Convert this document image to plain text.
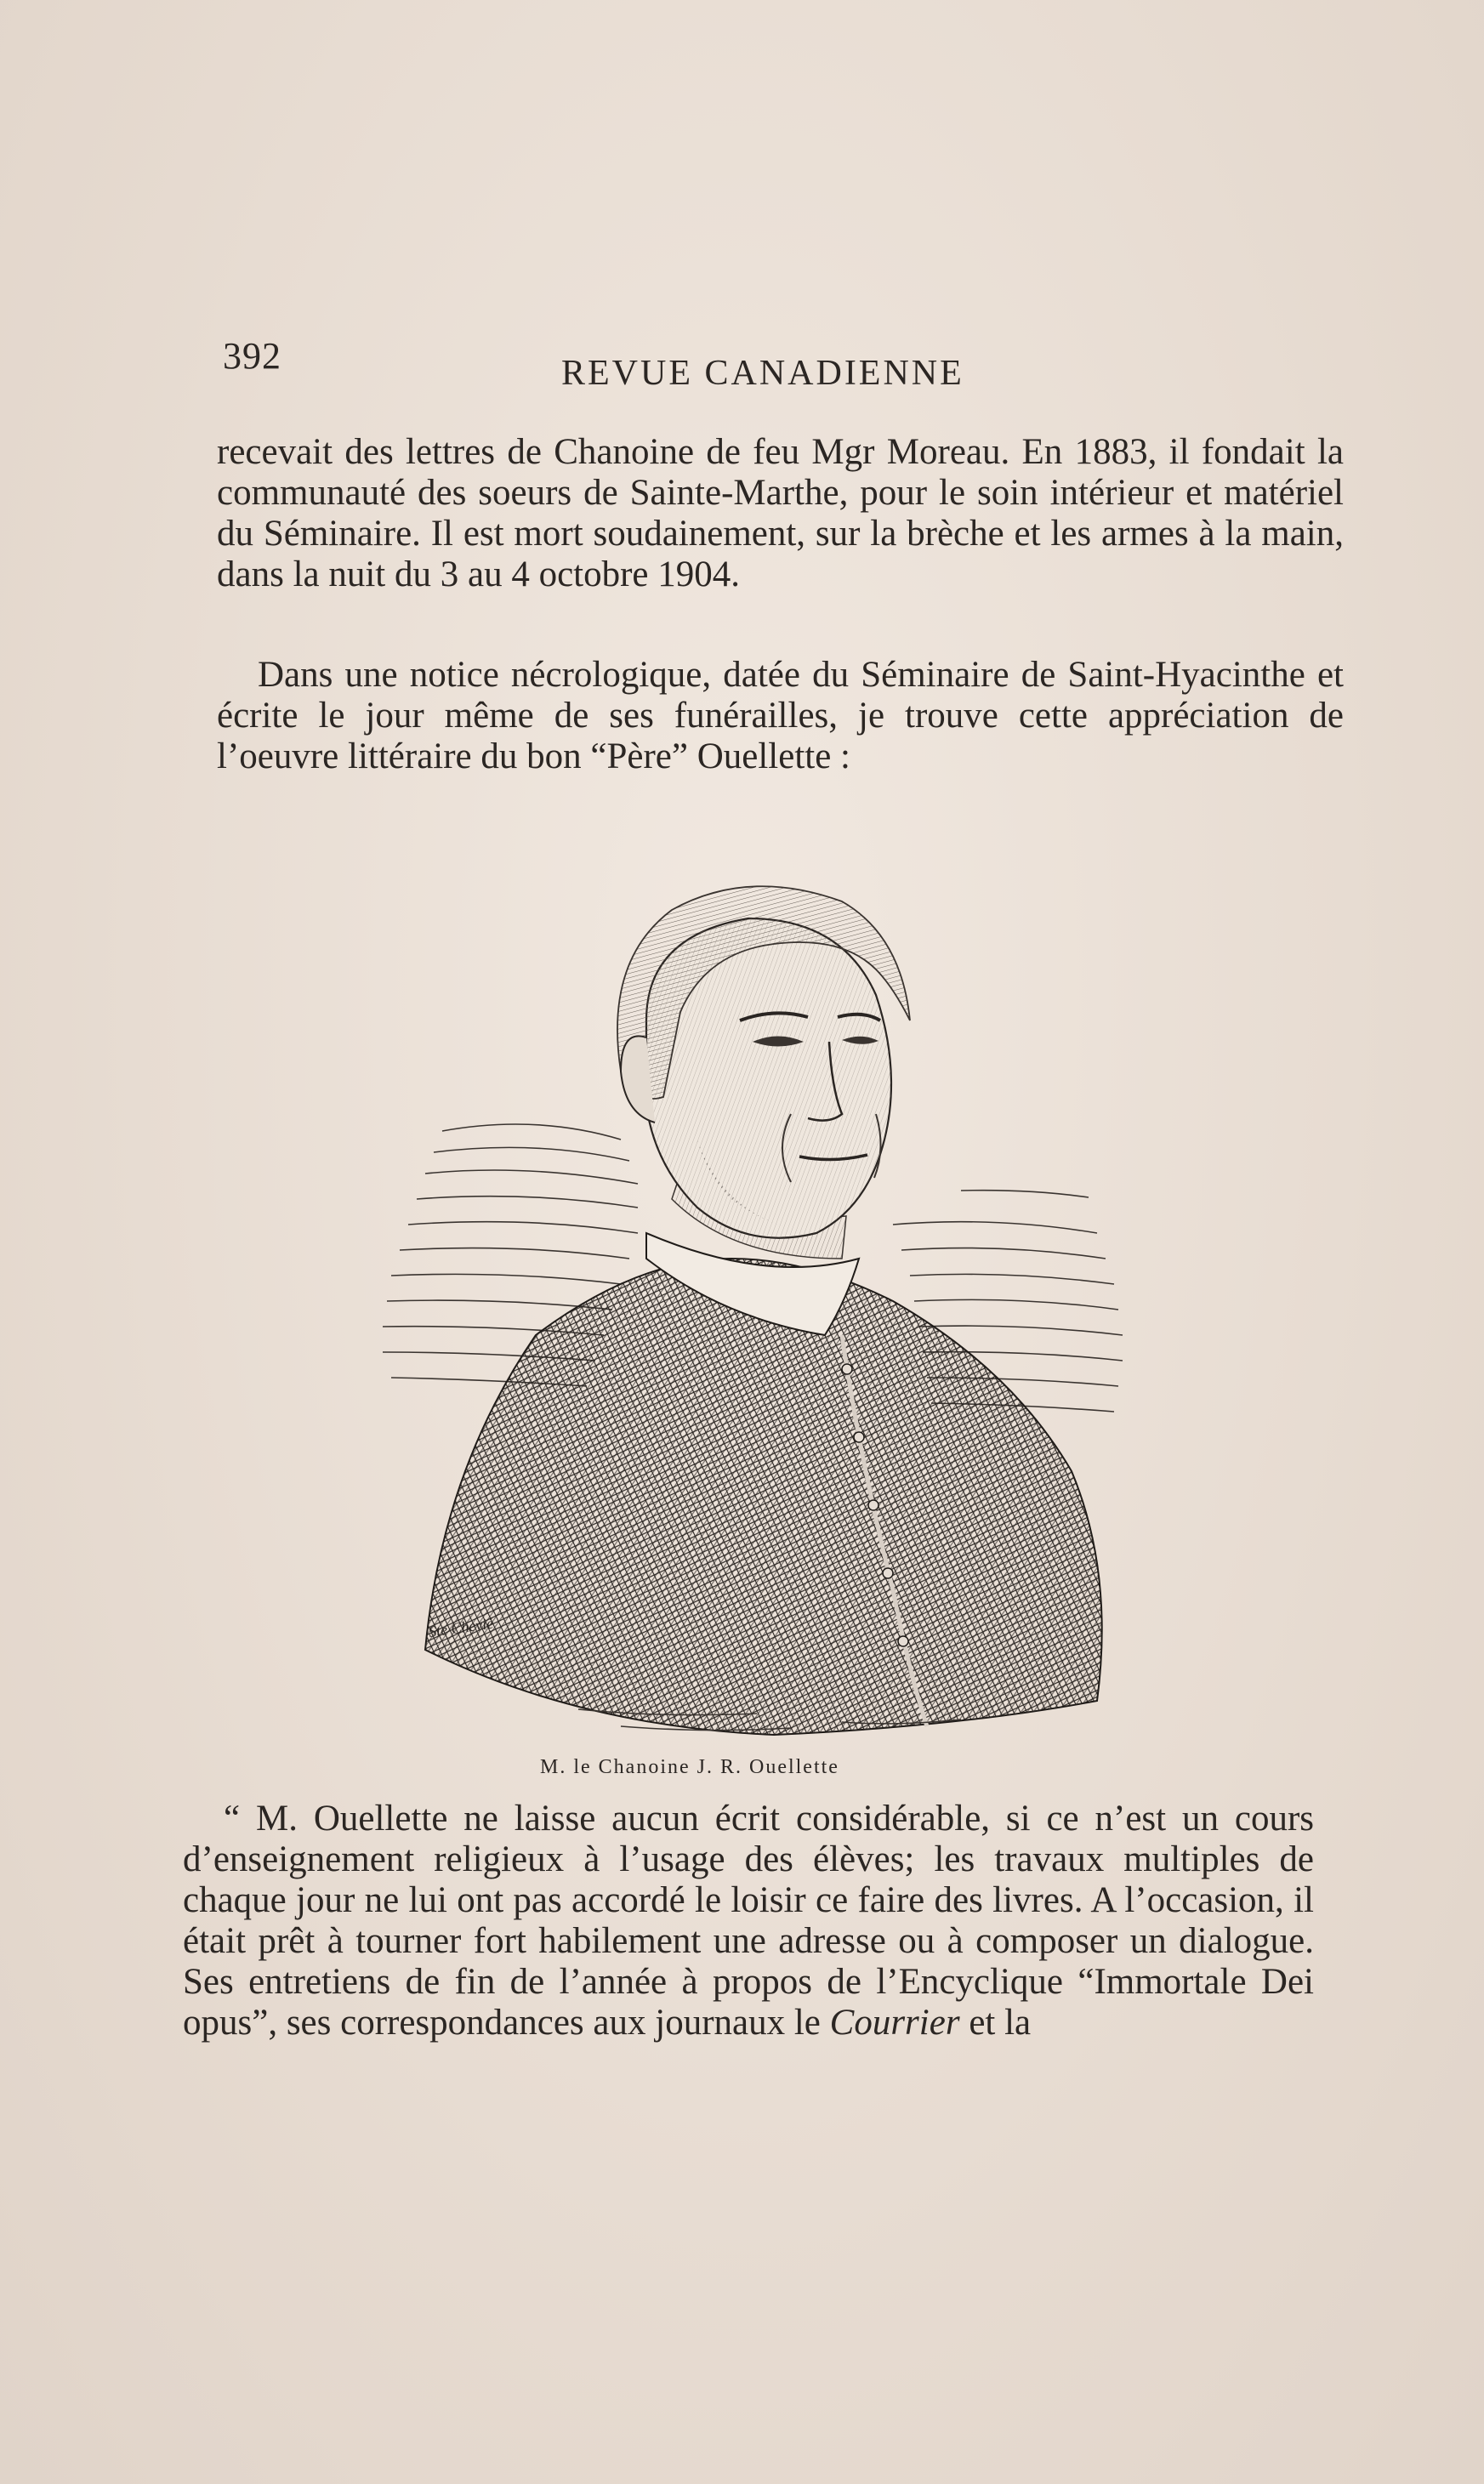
392	REVUE CANADIENNE

recevait des lettres de Chanoine de feu Mgr Moreau. En 1883, il fondait la communauté des soeurs de Sainte-Marthe, pour le soin intérieur et matériel du Séminaire. Il est mort soudainement, sur la brèche et les armes à la main, dans la nuit du 3 au 4 octobre 1904.

Dans une notice nécrologique, datée du Séminaire de Saint-Hyacinthe et écrite le jour même de ses funérailles, je trouve cette appréciation de l’oeuvre littéraire du bon “Père” Ouellette :

Ste Chevié
M. le Chanoine J. R. Ouellette

“ M. Ouellette ne laisse aucun écrit considérable, si ce n’est un cours d’enseignement religieux à l’usage des élèves; les travaux multiples de chaque jour ne lui ont pas accordé le loisir ce faire des livres. A l’occasion, il était prêt à tourner fort habilement une adresse ou à composer un dialogue. Ses entretiens de fin de l’année à propos de l’Encyclique “Immortale Dei opus”, ses correspondances aux journaux le Courrier et la
